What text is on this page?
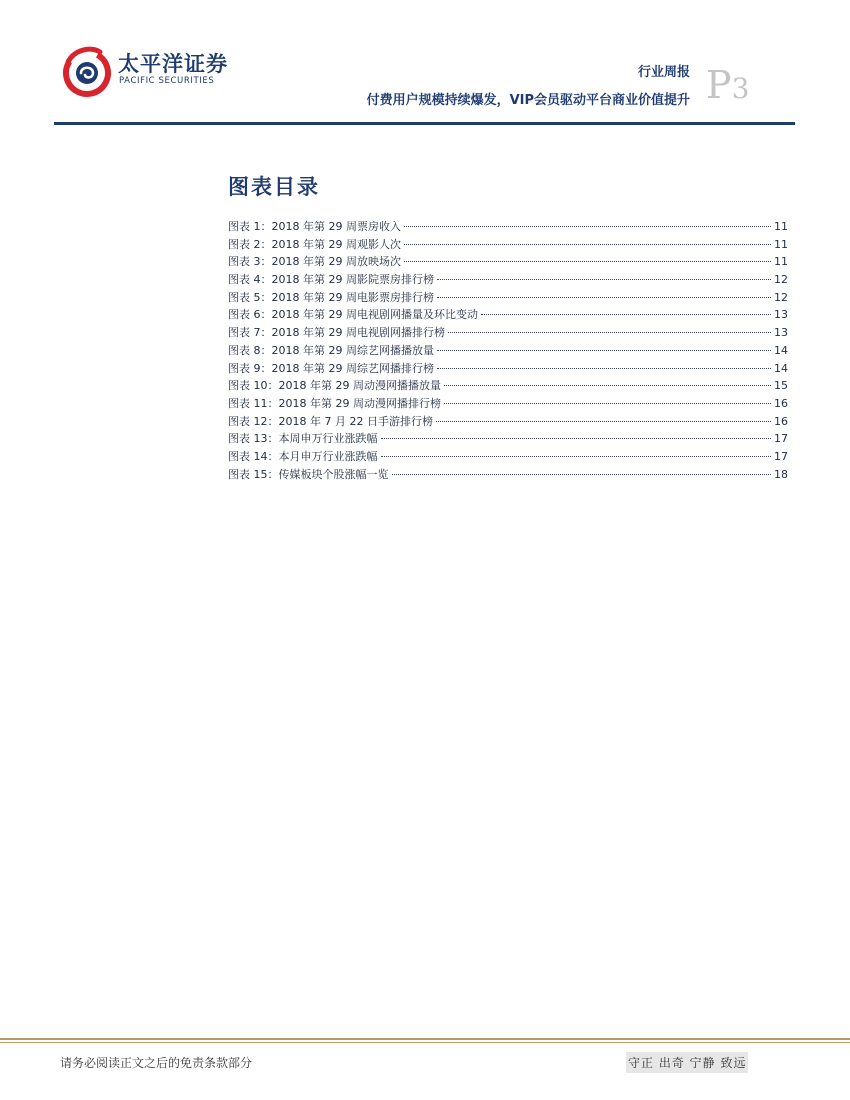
太平洋证券
PACIFIC SECURITIES
行业周报
付费用户规模持续爆发，VIP会员驱动平台商业价值提升 P3
图表目录
图表 1：2018 年第 29 周票房收入	11
图表 2：2018 年第 29 周观影人次	11
图表 3：2018 年第 29 周放映场次	11
图表 4：2018 年第 29 周影院票房排行榜	12
图表 5：2018 年第 29 周电影票房排行榜	12
图表 6：2018 年第 29 周电视剧网播量及环比变动	13
图表 7：2018 年第 29 周电视剧网播排行榜	13
图表 8：2018 年第 29 周综艺网播播放量	14
图表 9：2018 年第 29 周综艺网播排行榜	14
图表 10：2018 年第 29 周动漫网播播放量	15
图表 11：2018 年第 29 周动漫网播排行榜	16
图表 12：2018 年 7 月 22 日手游排行榜	16
图表 13：本周申万行业涨跌幅	17
图表 14：本月申万行业涨跌幅	17
图表 15：传媒板块个股涨幅一览	18
请务必阅读正文之后的免责条款部分	守正 出奇 宁静 致远
